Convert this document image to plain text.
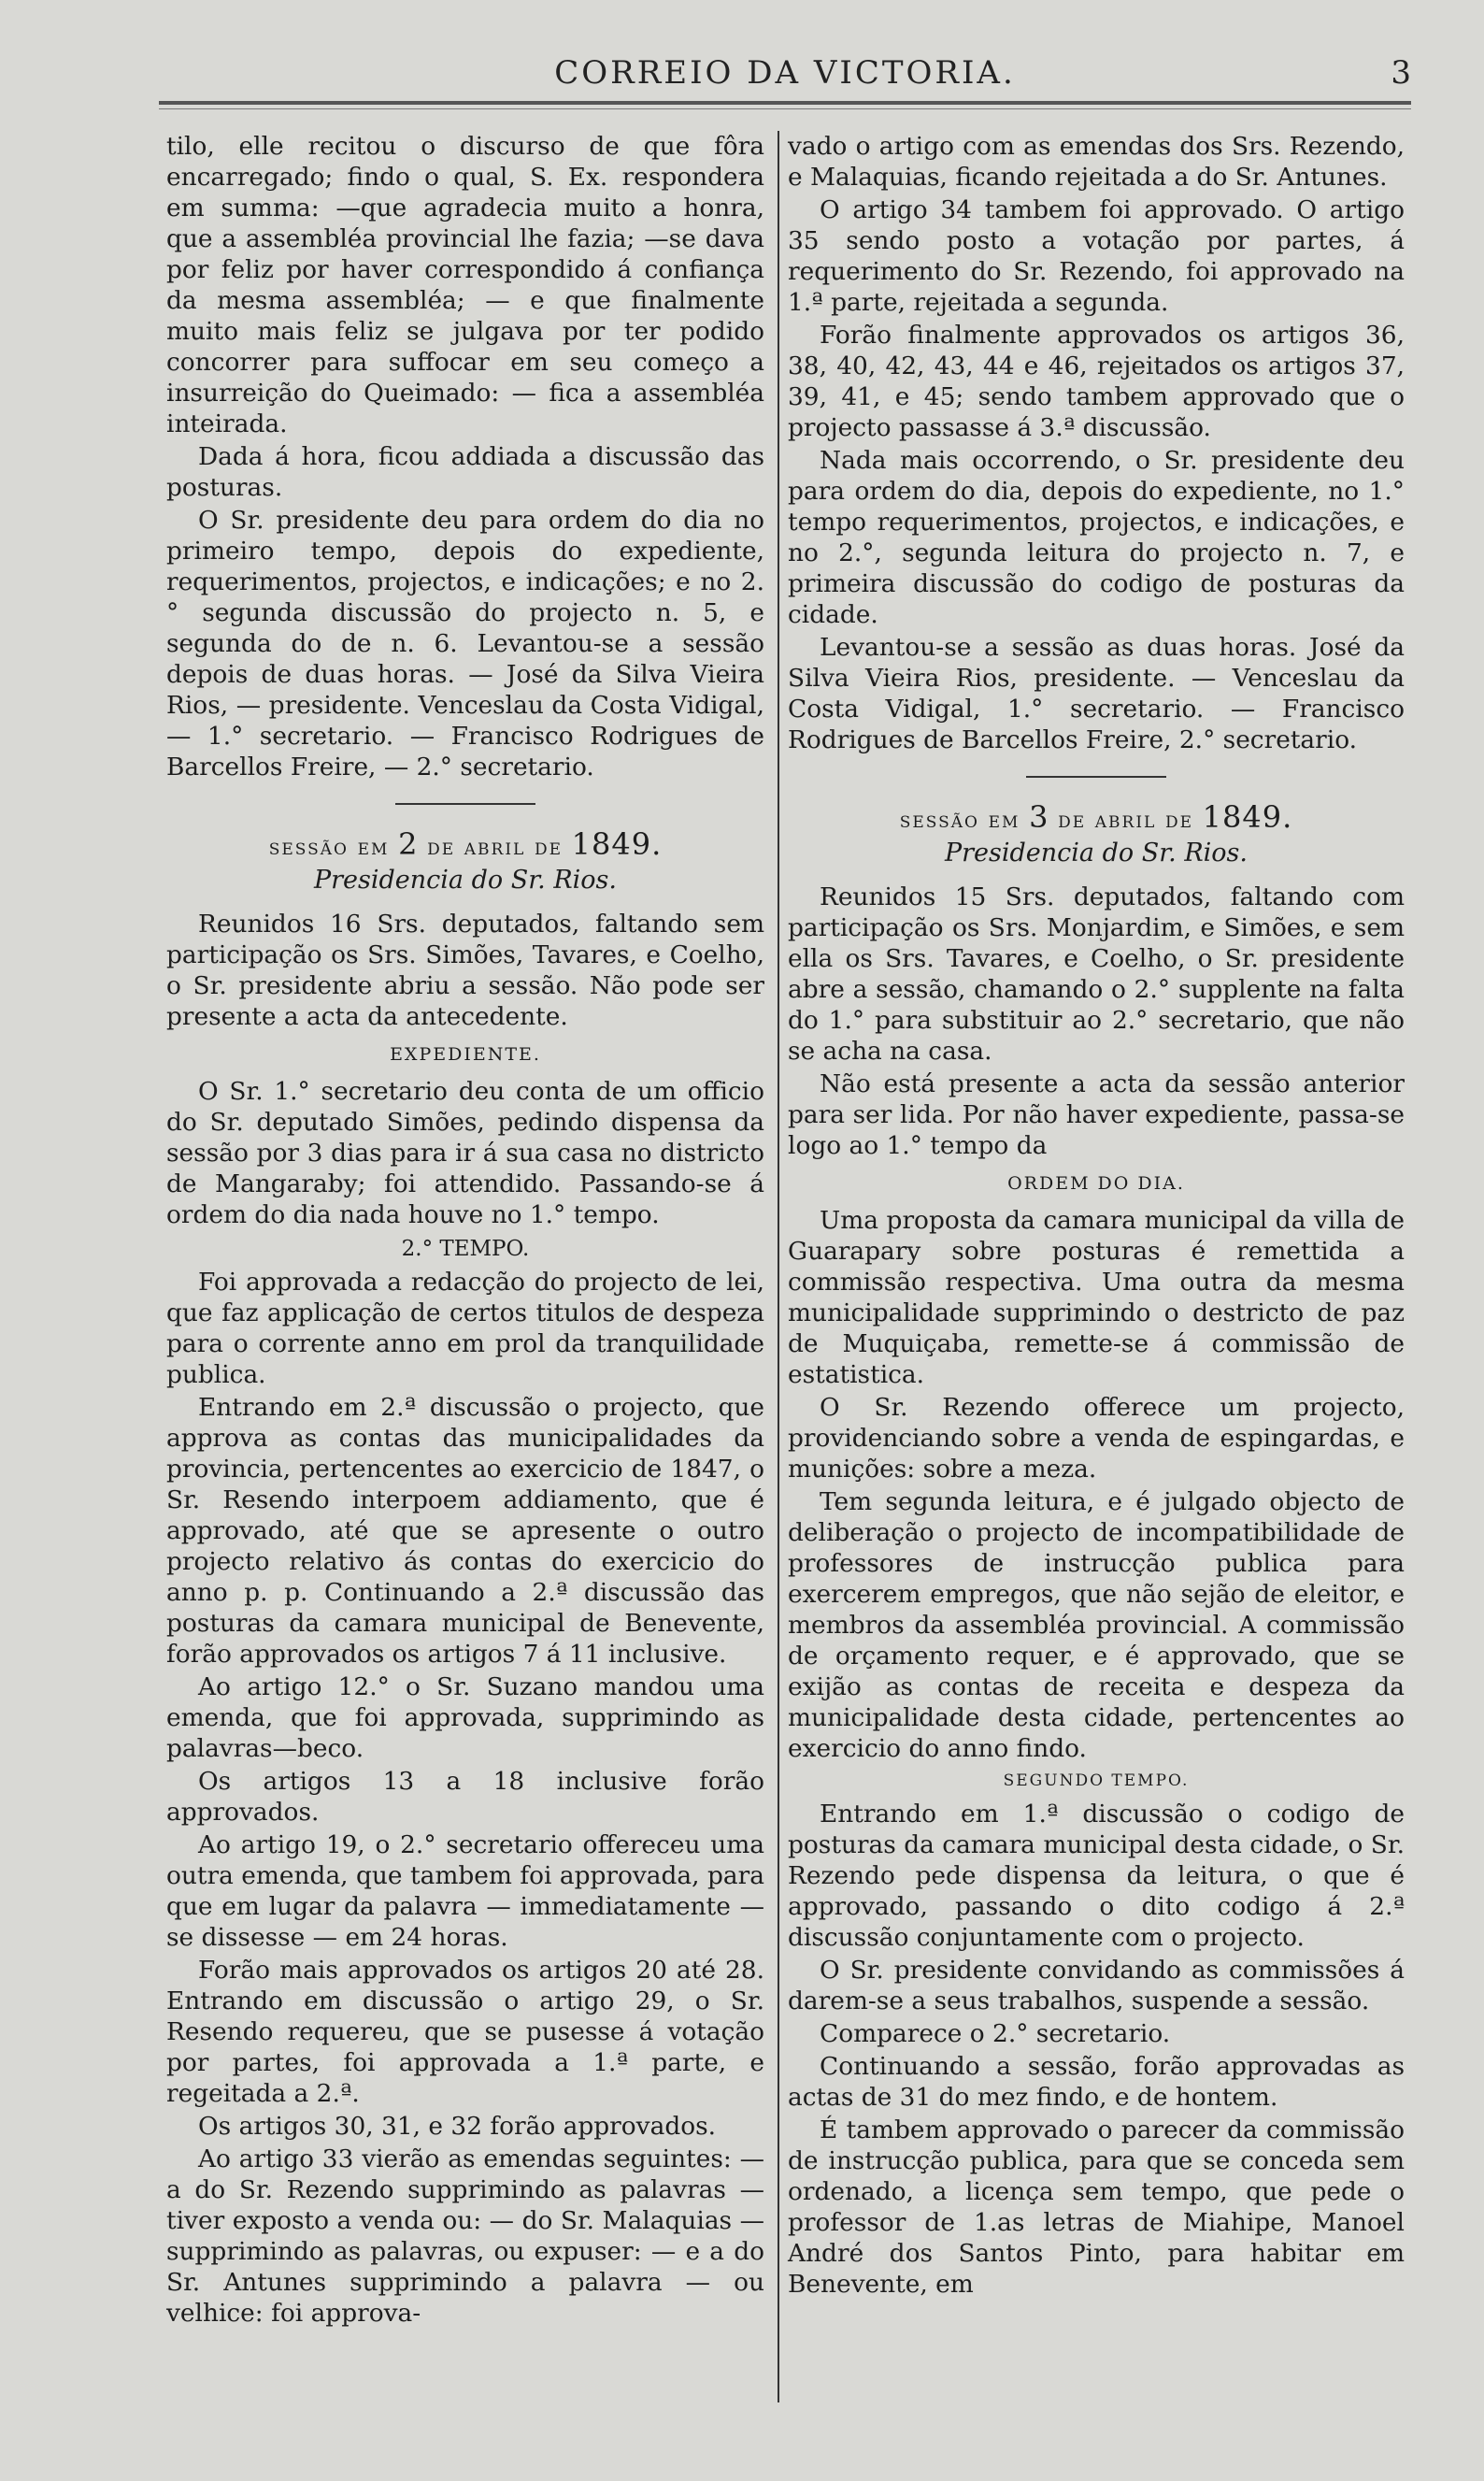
CORREIO DA VICTORIA.	3

tilo, elle recitou o discurso de que fôra encarregado; findo o qual, S. Ex. respondera em summa: —que agradecia muito a honra, que a assembléa provincial lhe fazia; —se dava por feliz por haver correspondido á confiança da mesma assembléa; — e que finalmente muito mais feliz se julgava por ter podido concorrer para suffocar em seu começo a insurreição do Queimado: — fica a assembléa inteirada.

Dada á hora, ficou addiada a discussão das posturas.

O Sr. presidente deu para ordem do dia no primeiro tempo, depois do expediente, requerimentos, projectos, e indicações; e no 2.° segunda discussão do projecto n. 5, e segunda do de n. 6. Levantou-se a sessão depois de duas horas. — José da Silva Vieira Rios, — presidente. Venceslau da Costa Vidigal, — 1.° secretario. — Francisco Rodrigues de Barcellos Freire, — 2.° secretario.

sessão em 2 de abril de 1849.
Presidencia do Sr. Rios.

Reunidos 16 Srs. deputados, faltando sem participação os Srs. Simões, Tavares, e Coelho, o Sr. presidente abriu a sessão. Não pode ser presente a acta da antecedente.

EXPEDIENTE.

O Sr. 1.° secretario deu conta de um officio do Sr. deputado Simões, pedindo dispensa da sessão por 3 dias para ir á sua casa no districto de Mangaraby; foi attendido. Passando-se á ordem do dia nada houve no 1.° tempo.

2.° TEMPO.

Foi approvada a redacção do projecto de lei, que faz applicação de certos titulos de despeza para o corrente anno em prol da tranquilidade publica.

Entrando em 2.ª discussão o projecto, que approva as contas das municipalidades da provincia, pertencentes ao exercicio de 1847, o Sr. Resendo interpoem addiamento, que é approvado, até que se apresente o outro projecto relativo ás contas do exercicio do anno p. p. Continuando a 2.ª discussão das posturas da camara municipal de Benevente, forão approvados os artigos 7 á 11 inclusive.

Ao artigo 12.° o Sr. Suzano mandou uma emenda, que foi approvada, supprimindo as palavras—beco.

Os artigos 13 a 18 inclusive forão approvados.

Ao artigo 19, o 2.° secretario offereceu uma outra emenda, que tambem foi approvada, para que em lugar da palavra — immediatamente — se dissesse — em 24 horas.

Forão mais approvados os artigos 20 até 28. Entrando em discussão o artigo 29, o Sr. Resendo requereu, que se pusesse á votação por partes, foi approvada a 1.ª parte, e regeitada a 2.ª.

Os artigos 30, 31, e 32 forão approvados.

Ao artigo 33 vierão as emendas seguintes: — a do Sr. Rezendo supprimindo as palavras — tiver exposto a venda ou: — do Sr. Malaquias — supprimindo as palavras, ou expuser: — e a do Sr. Antunes supprimindo a palavra — ou velhice: foi approva-

vado o artigo com as emendas dos Srs. Rezendo, e Malaquias, ficando rejeitada a do Sr. Antunes.

O artigo 34 tambem foi approvado. O artigo 35 sendo posto a votação por partes, á requerimento do Sr. Rezendo, foi approvado na 1.ª parte, rejeitada a segunda.

Forão finalmente approvados os artigos 36, 38, 40, 42, 43, 44 e 46, rejeitados os artigos 37, 39, 41, e 45; sendo tambem approvado que o projecto passasse á 3.ª discussão.

Nada mais occorrendo, o Sr. presidente deu para ordem do dia, depois do expediente, no 1.° tempo requerimentos, projectos, e indicações, e no 2.°, segunda leitura do projecto n. 7, e primeira discussão do codigo de posturas da cidade.

Levantou-se a sessão as duas horas. José da Silva Vieira Rios, presidente. — Venceslau da Costa Vidigal, 1.° secretario. — Francisco Rodrigues de Barcellos Freire, 2.° secretario.

sessão em 3 de abril de 1849.
Presidencia do Sr. Rios.

Reunidos 15 Srs. deputados, faltando com participação os Srs. Monjardim, e Simões, e sem ella os Srs. Tavares, e Coelho, o Sr. presidente abre a sessão, chamando o 2.° supplente na falta do 1.° para substituir ao 2.° secretario, que não se acha na casa.

Não está presente a acta da sessão anterior para ser lida. Por não haver expediente, passa-se logo ao 1.° tempo da

ORDEM DO DIA.

Uma proposta da camara municipal da villa de Guarapary sobre posturas é remettida a commissão respectiva. Uma outra da mesma municipalidade supprimindo o destricto de paz de Muquiçaba, remette-se á commissão de estatistica.

O Sr. Rezendo offerece um projecto, providenciando sobre a venda de espingardas, e munições: sobre a meza.

Tem segunda leitura, e é julgado objecto de deliberação o projecto de incompatibilidade de professores de instrucção publica para exercerem empregos, que não sejão de eleitor, e membros da assembléa provincial. A commissão de orçamento requer, e é approvado, que se exijão as contas de receita e despeza da municipalidade desta cidade, pertencentes ao exercicio do anno findo.

SEGUNDO TEMPO.

Entrando em 1.ª discussão o codigo de posturas da camara municipal desta cidade, o Sr. Rezendo pede dispensa da leitura, o que é approvado, passando o dito codigo á 2.ª discussão conjuntamente com o projecto.

O Sr. presidente convidando as commissões á darem-se a seus trabalhos, suspende a sessão.

Comparece o 2.° secretario.

Continuando a sessão, forão approvadas as actas de 31 do mez findo, e de hontem.

É tambem approvado o parecer da commissão de instrucção publica, para que se conceda sem ordenado, a licença sem tempo, que pede o professor de 1.as letras de Miahipe, Manoel André dos Santos Pinto, para habitar em Benevente, em
